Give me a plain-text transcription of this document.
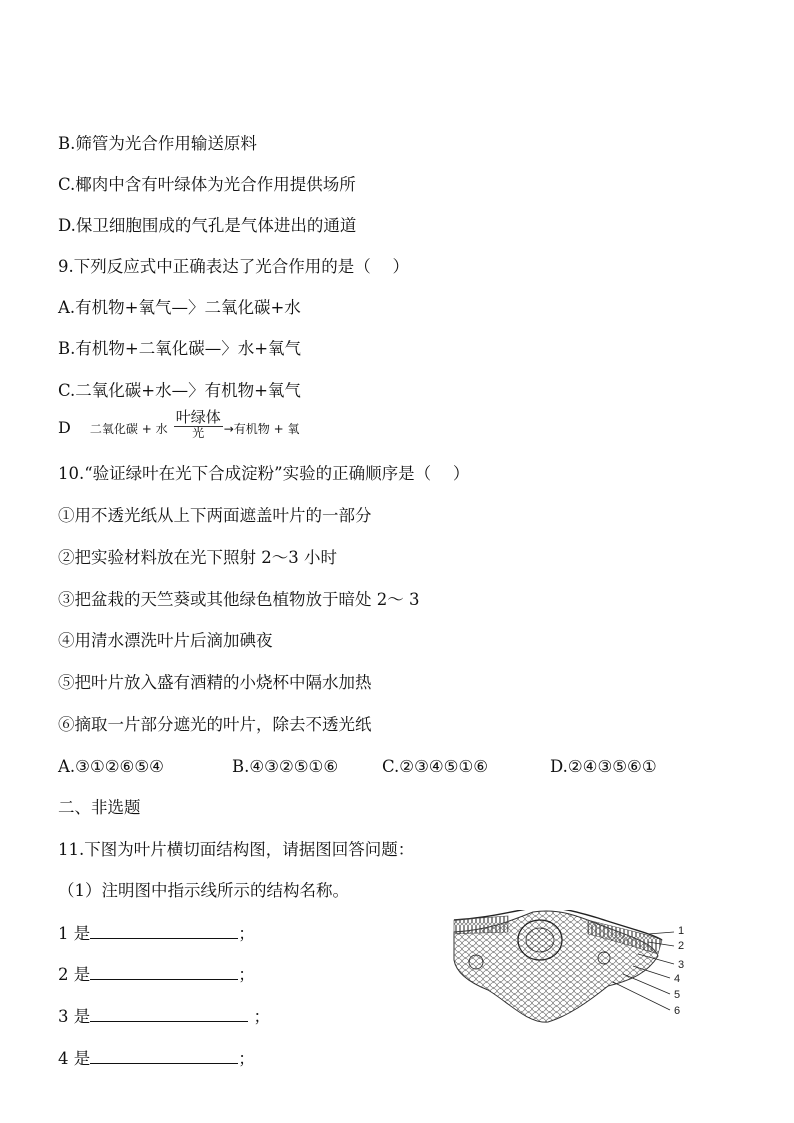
B.筛管为光合作用输送原料
C.椰肉中含有叶绿体为光合作用提供场所
D.保卫细胞围成的气孔是气体进出的通道
9.下列反应式中正确表达了光合作用的是（　 ）
A.有机物+氧气—〉二氧化碳+水
B.有机物+二氧化碳—〉水+氧气
C.二氧化碳+水—〉有机物+氧气
D 二氧化碳 + 水 $\frac{\text{叶绿体}}{\text{光}}$ →有机物 + 氧
10.“验证绿叶在光下合成淀粉”实验的正确顺序是（　 ）
①用不透光纸从上下两面遮盖叶片的一部分
②把实验材料放在光下照射 2～3 小时
③把盆栽的天竺葵或其他绿色植物放于暗处 2～ 3
④用清水漂洗叶片后滴加碘夜
⑤把叶片放入盛有酒精的小烧杯中隔水加热
⑥摘取一片部分遮光的叶片，除去不透光纸
A.③①②⑥⑤④	B.④③②⑤①⑥	C.②③④⑤①⑥	D.②④③⑤⑥①
二、非选题
11.下图为叶片横切面结构图，请据图回答问题：
（1）注明图中指示线所示的结构名称。
1 是	；
2 是	；
3 是	；
4 是	；
1
2
3
4
5
6
